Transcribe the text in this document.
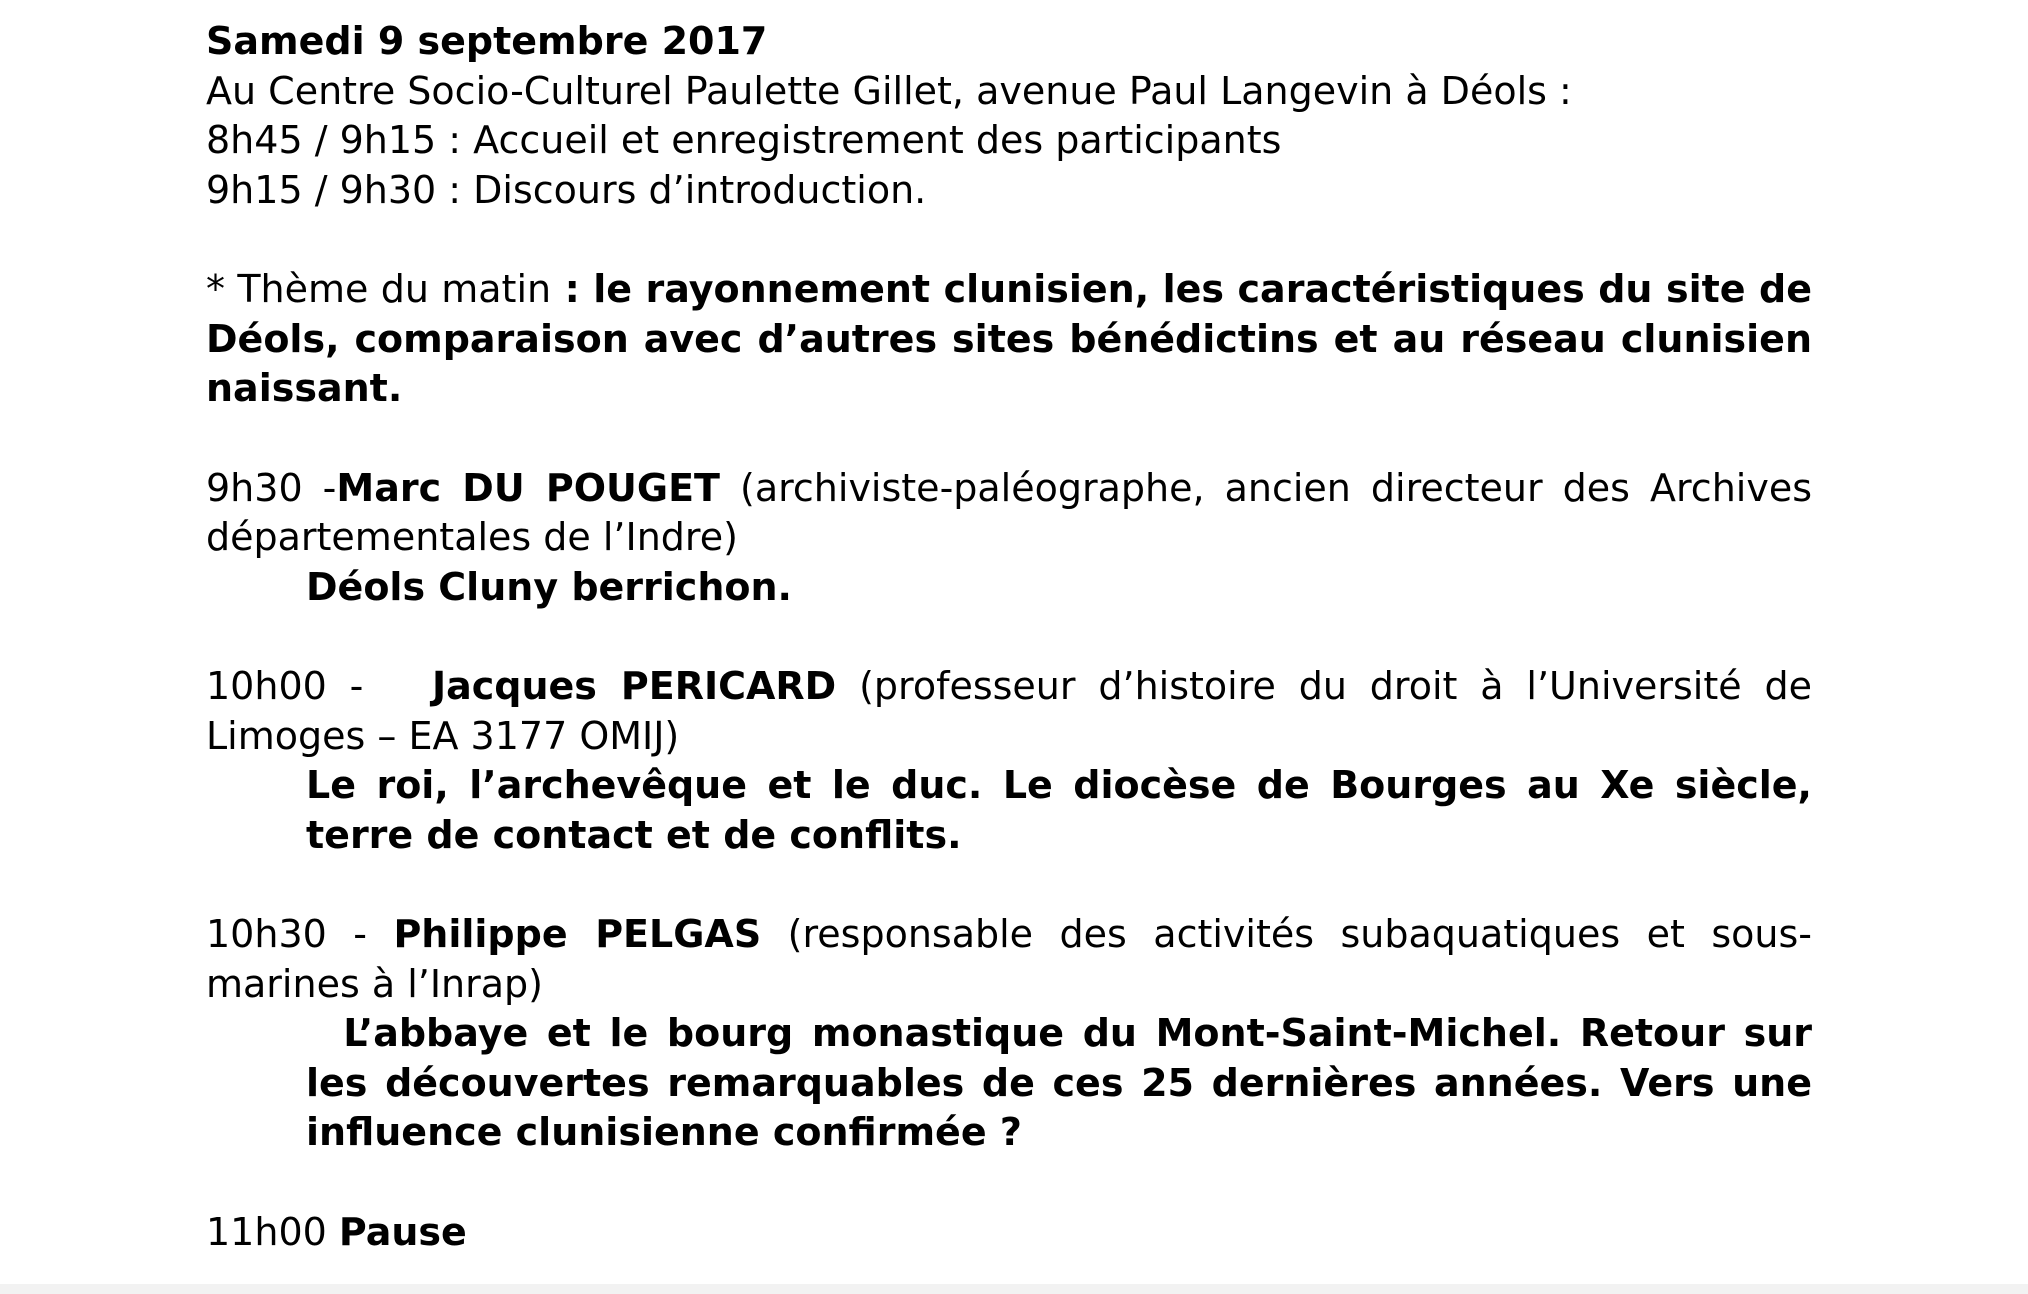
Samedi 9 septembre 2017

Au Centre Socio-Culturel Paulette Gillet, avenue Paul Langevin à Déols :

8h45 / 9h15 : Accueil et enregistrement des participants

9h15 / 9h30 : Discours d’introduction.

* Thème du matin : le rayonnement clunisien, les caractéristiques du site de Déols, comparaison avec d’autres sites bénédictins et au réseau clunisien naissant.

9h30 -Marc DU POUGET (archiviste-paléographe, ancien directeur des Archives départementales de l’Indre)

Déols Cluny berrichon.

10h00 - Jacques PERICARD (professeur d’histoire du droit à l’Université de Limoges – EA 3177 OMIJ)

Le roi, l’archevêque et le duc. Le diocèse de Bourges au Xe siècle, terre de contact et de conflits.

10h30 - Philippe PELGAS (responsable des activités subaquatiques et sous-marines à l’Inrap)

L’abbaye et le bourg monastique du Mont-Saint-Michel. Retour sur les découvertes remarquables de ces 25 dernières années. Vers une influence clunisienne confirmée ?

11h00 Pause
